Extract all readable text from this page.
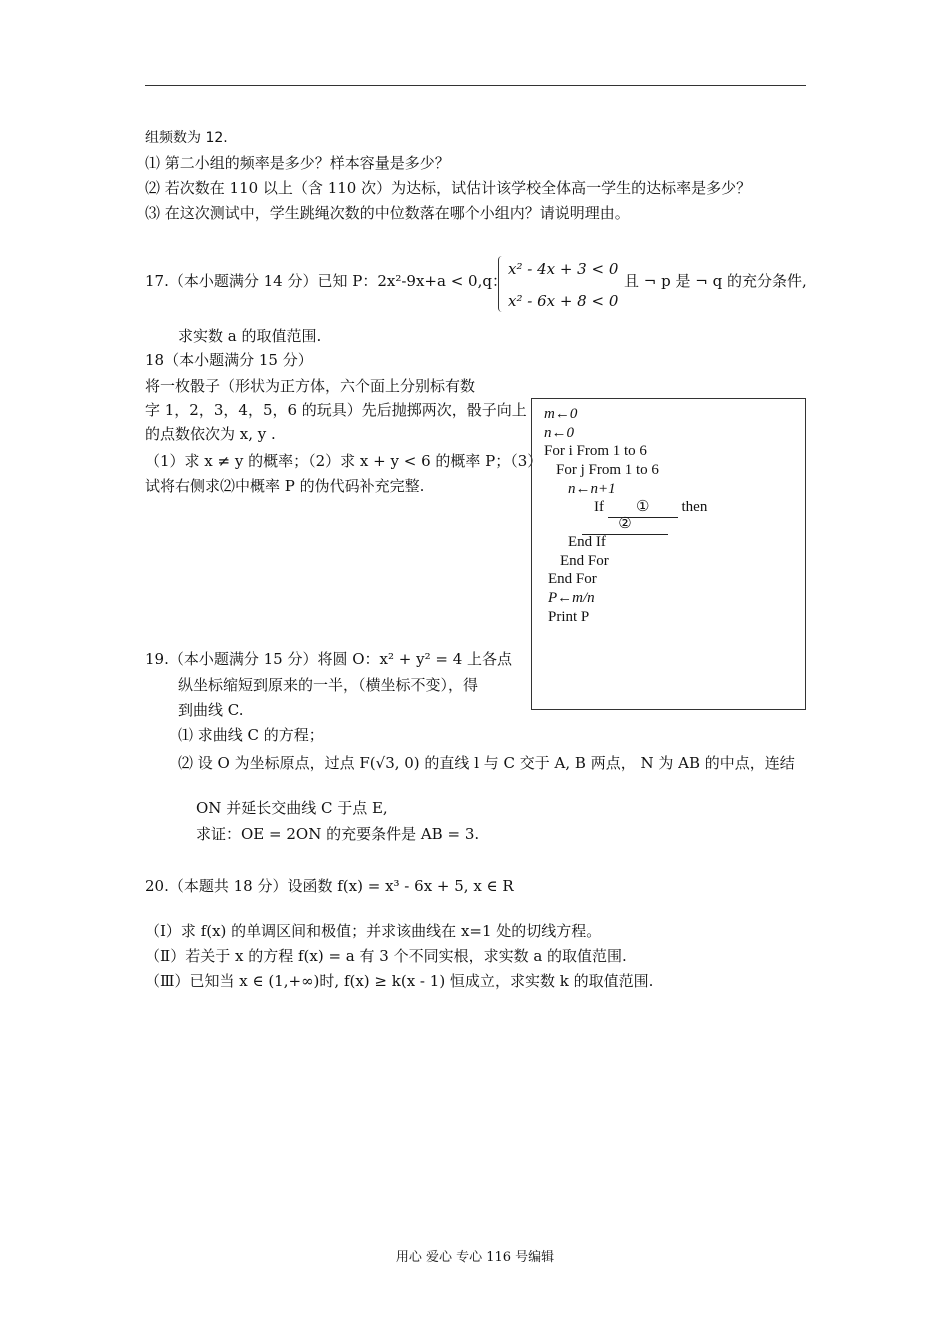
组频数为 12.
⑴ 第二小组的频率是多少？样本容量是多少？
⑵ 若次数在 110 以上（含 110 次）为达标，试估计该学校全体高一学生的达标率是多少？
⑶ 在这次测试中，学生跳绳次数的中位数落在哪个小组内？请说明理由。
17.（本小题满分 14 分）已知 P：2x²-9x+a < 0,q：
x² - 4x + 3 < 0
x² - 6x + 8 < 0
且 ¬ p 是 ¬ q 的充分条件,
求实数 a 的取值范围.
18（本小题满分 15 分）
将一枚骰子（形状为正方体，六个面上分别标有数
字 1，2，3，4，5，6 的玩具）先后抛掷两次，骰子向上
的点数依次为 x, y .
（1）求 x ≠ y 的概率；（2）求 x + y < 6 的概率 P；（3）
试将右侧求⑵中概率 P 的伪代码补充完整.
m←0
n←0
For i From 1 to 6
For j From 1 to 6
n←n+1
If ① then
②
End If
End For
End For
P←m/n
Print P
19.（本小题满分 15 分）将圆 O：x² + y² = 4 上各点
纵坐标缩短到原来的一半，（横坐标不变），得
到曲线 C.
⑴ 求曲线 C 的方程；
⑵ 设 O 为坐标原点，过点 F(√3, 0) 的直线 l 与 C 交于 A, B 两点， N 为 AB 的中点，连结
ON 并延长交曲线 C 于点 E,
求证：OE = 2ON 的充要条件是 AB = 3.
20.（本题共 18 分）设函数 f(x) = x³ - 6x + 5, x ∈ R
（Ⅰ）求 f(x) 的单调区间和极值；并求该曲线在 x=1 处的切线方程。
（Ⅱ）若关于 x 的方程 f(x) = a 有 3 个不同实根，求实数 a 的取值范围.
（Ⅲ）已知当 x ∈ (1,+∞)时, f(x) ≥ k(x - 1) 恒成立，求实数 k 的取值范围.
用心 爱心 专心 116 号编辑
